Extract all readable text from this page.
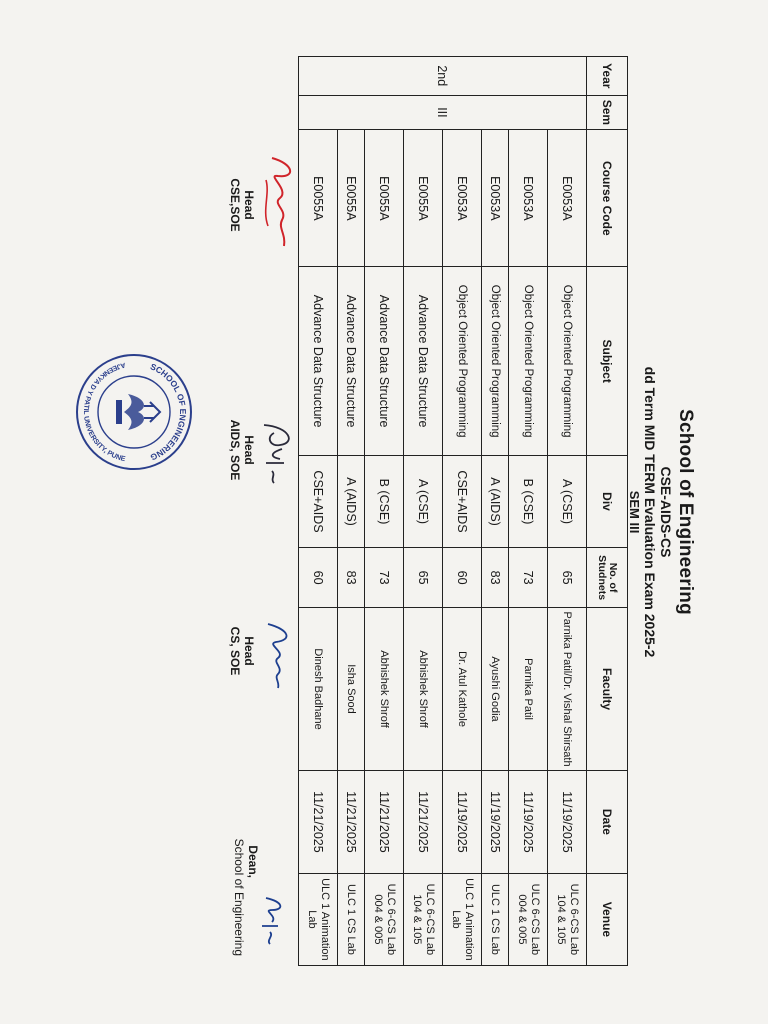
School of Engineering
CSE-AIDS-CS
dd Term MID TERM Evaluation Exam 2025-2
SEM III
Year	Sem	Course Code	Subject	Div	No. of Studnets	Faculty	Date	Venue
2nd	III	E0053A	Object Oriented Programming	A (CSE)	65	Parnika Patil/Dr. Vishal Shirsath	11/19/2025	ULC 6-CS Lab 104 & 105
		E0053A	Object Oriented Programming	B (CSE)	73	Parnika Patil	11/19/2025	ULC 6-CS Lab 004 & 005
		E0053A	Object Oriented Programming	A (AIDS)	83	Ayushi Godia	11/19/2025	ULC 1 CS Lab
		E0053A	Object Oriented Programming	CSE+AIDS	60	Dr. Atul Kathole	11/19/2025	ULC 1 Animation Lab
		E0055A	Advance Data Structure	A (CSE)	65	Abhishek Shroff	11/21/2025	ULC 6-CS Lab 104 & 105
		E0055A	Advance Data Structure	B (CSE)	73	Abhishek Shroff	11/21/2025	ULC 6-CS Lab 004 & 005
		E0055A	Advance Data Structure	A (AIDS)	83	Isha Sood	11/21/2025	ULC 1 CS Lab
		E0055A	Advance Data Structure	CSE+AIDS	60	Dinesh Badhane	11/21/2025	ULC 1 Animation Lab
Head
CSE,SOE
Head
AIDS, SOE
Head
CS, SOE
Dean,
School of Engineering
SCHOOL OF ENGINEERING
AJEENKYA D Y PATIL UNIVERSITY, PUNE
